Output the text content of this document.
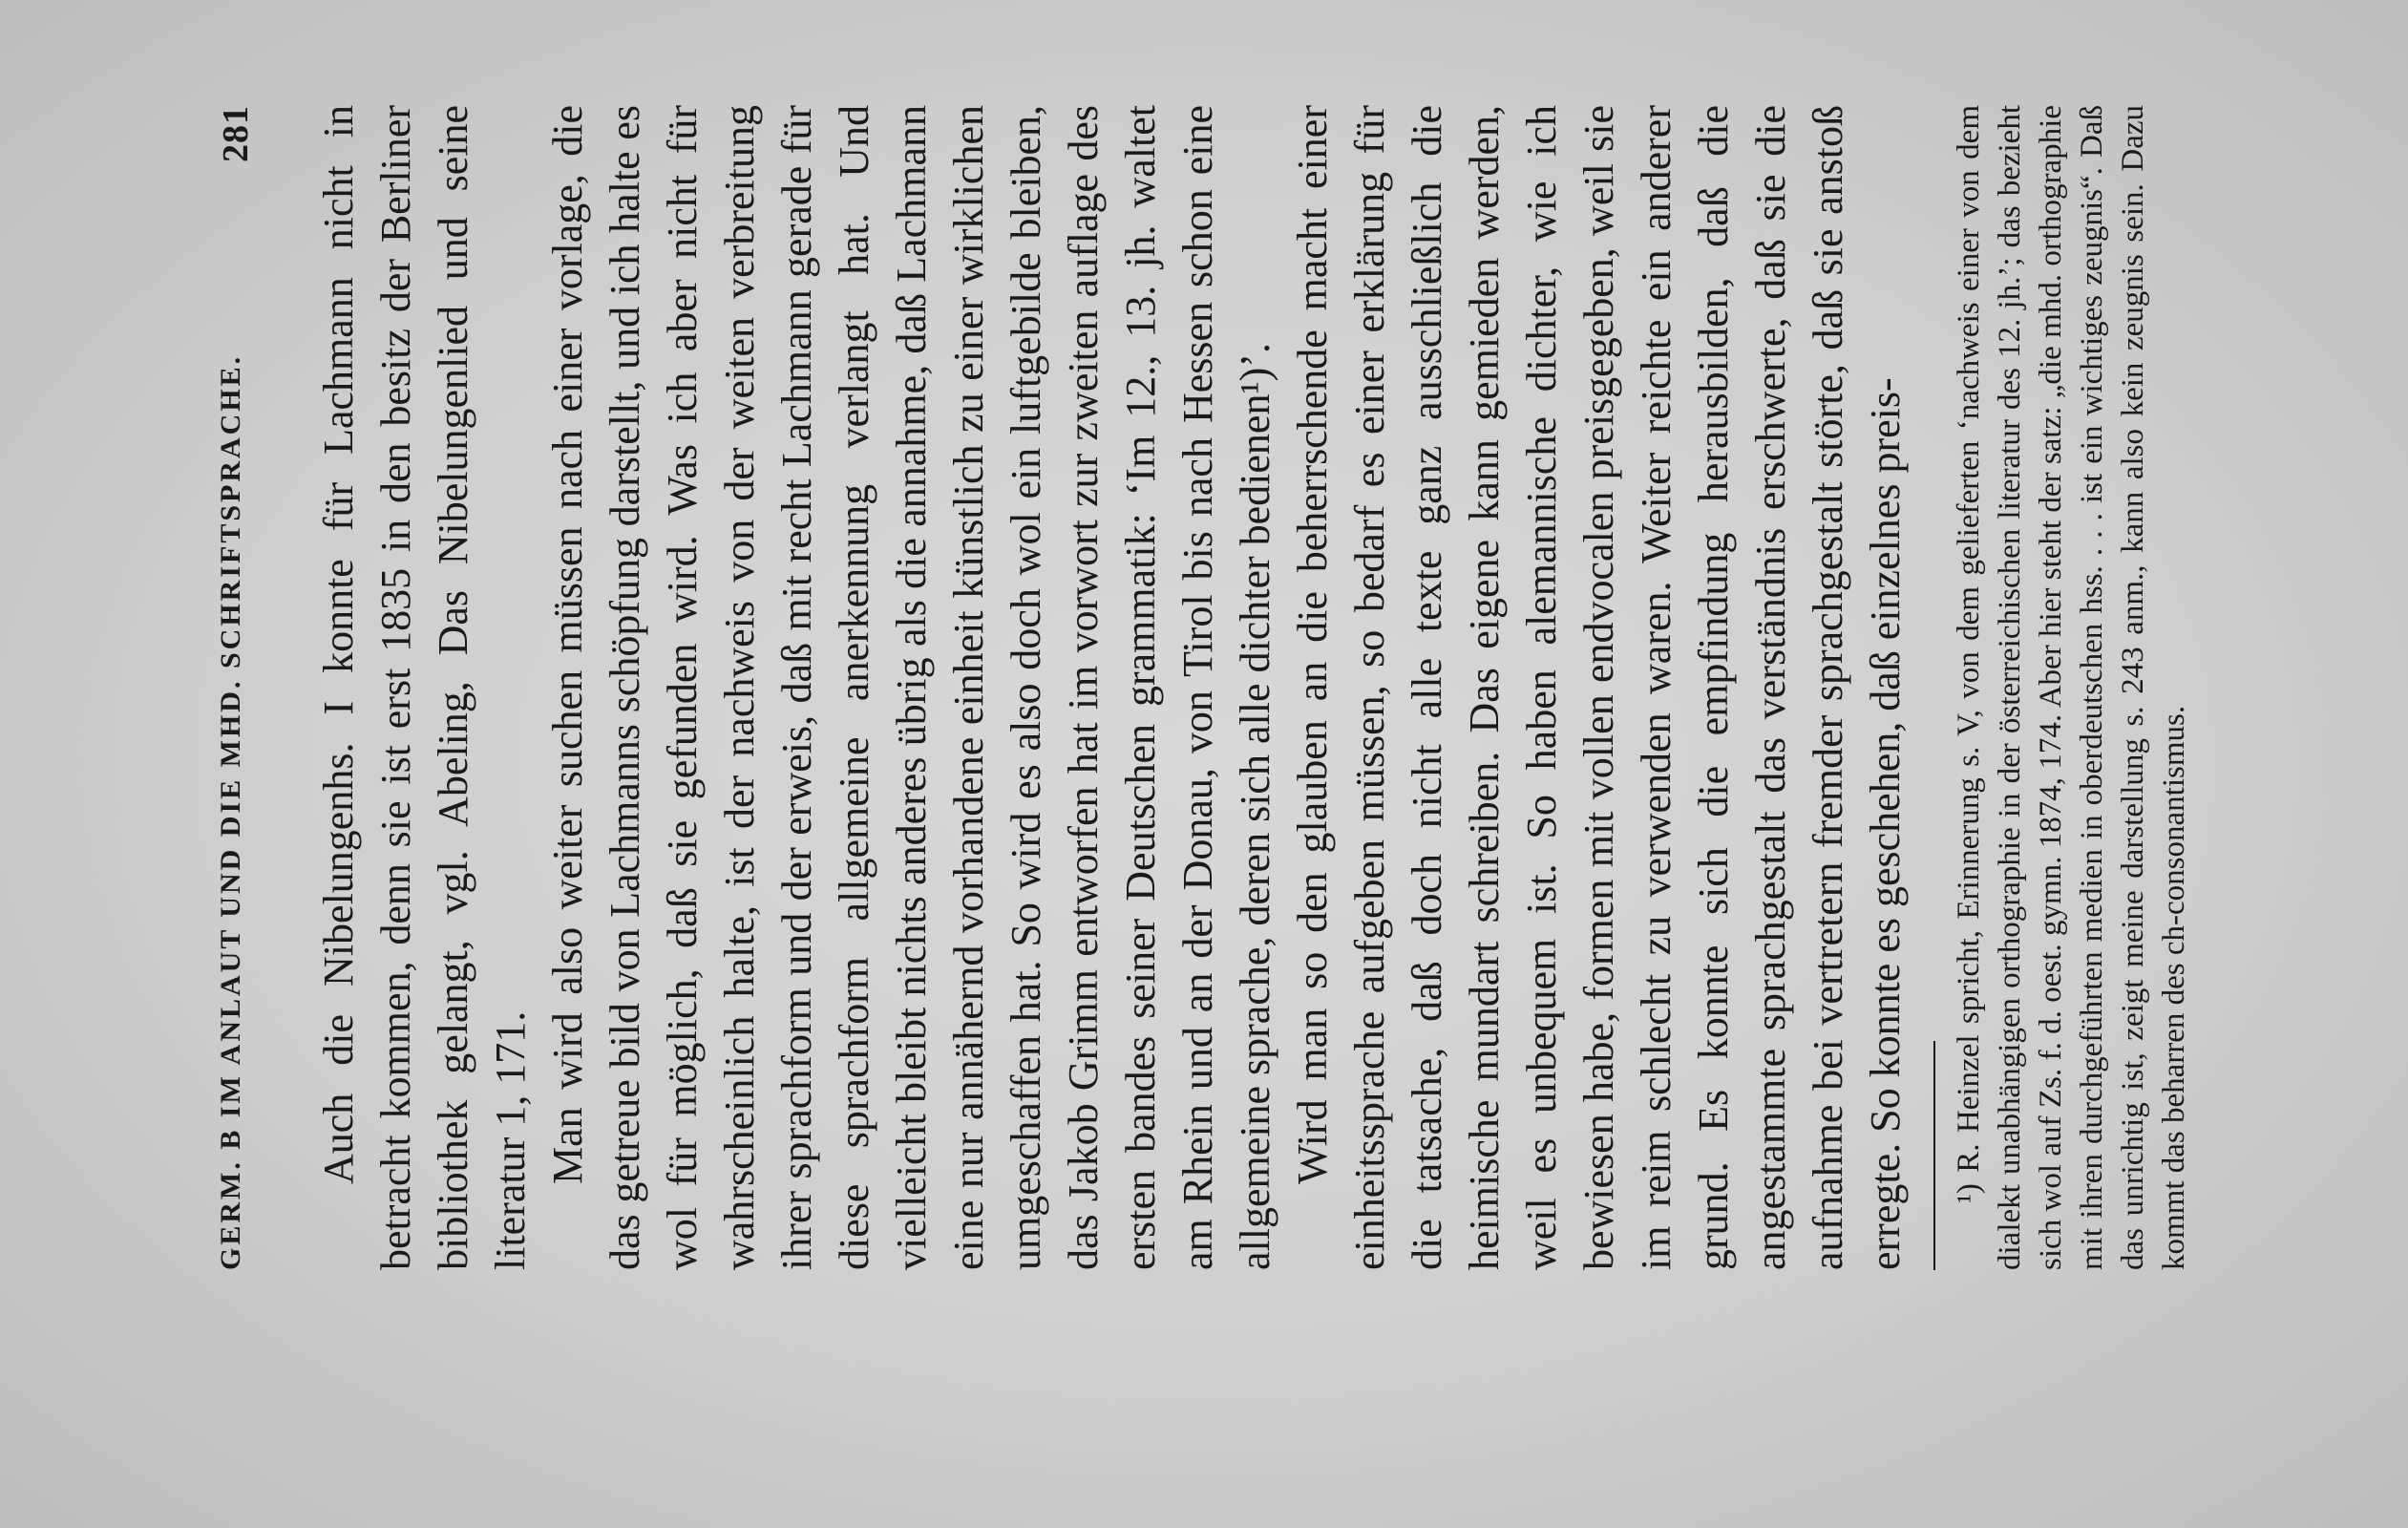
GERM. B IM ANLAUT UND DIE MHD. SCHRIFTSPRACHE.
281 Auch die Nibelungenhs. I konnte für Lachmann nicht in betracht kommen, denn sie ist erst 1835 in den besitz der Berliner bibliothek gelangt, vgl. Abeling, Das Nibelungenlied und seine literatur 1, 171. Man wird also weiter suchen müssen nach einer vorlage, die das getreue bild von Lachmanns schöpfung darstellt, und ich halte es wol für möglich, daß sie gefunden wird. Was ich aber nicht für wahrscheinlich halte, ist der nachweis von der weiten verbreitung ihrer sprachform und der erweis, daß mit recht Lachmann gerade für diese sprachform allgemeine anerkennung verlangt hat. Und vielleicht bleibt nichts anderes übrig als die annahme, daß Lachmann eine nur annähernd vorhandene einheit künstlich zu einer wirklichen umgeschaffen hat. So wird es also doch wol ein luftgebilde bleiben, das Jakob Grimm entworfen hat im vorwort zur zweiten auflage des ersten bandes seiner Deutschen grammatik: ‘Im 12., 13. jh. waltet am Rhein und an der Donau, von Tirol bis nach Hessen schon eine allgemeine sprache, deren sich alle dichter bedienen¹)’. Wird man so den glauben an die beherrschende macht einer einheitssprache aufgeben müssen, so bedarf es einer erklärung für die tatsache, daß doch nicht alle texte ganz ausschließlich die heimische mundart schreiben. Das eigene kann gemieden werden, weil es unbequem ist. So haben alemannische dichter, wie ich bewiesen habe, formen mit vollen endvocalen preisgegeben, weil sie im reim schlecht zu verwenden waren. Weiter reichte ein anderer grund. Es konnte sich die empfindung herausbilden, daß die angestammte sprachgestalt das verständnis erschwerte, daß sie die aufnahme bei vertretern fremder sprachgestalt störte, daß sie anstoß erregte. So konnte es geschehen, daß einzelnes preis- ¹) R. Heinzel spricht, Erinnerung s. V, von dem gelieferten ‘nachweis einer von dem dialekt unabhängigen orthographie in der österreichischen literatur des 12. jh.’; das bezieht sich wol auf Zs. f. d. oest. gymn. 1874, 174. Aber hier steht der satz: „die mhd. orthographie mit ihren durchgeführten medien in oberdeutschen hss. . . . ist ein wichtiges zeugnis“. Daß das unrichtig ist, zeigt meine darstellung s. 243 anm., kann also kein zeugnis sein. Dazu kommt das beharren des ch-consonantismus.
